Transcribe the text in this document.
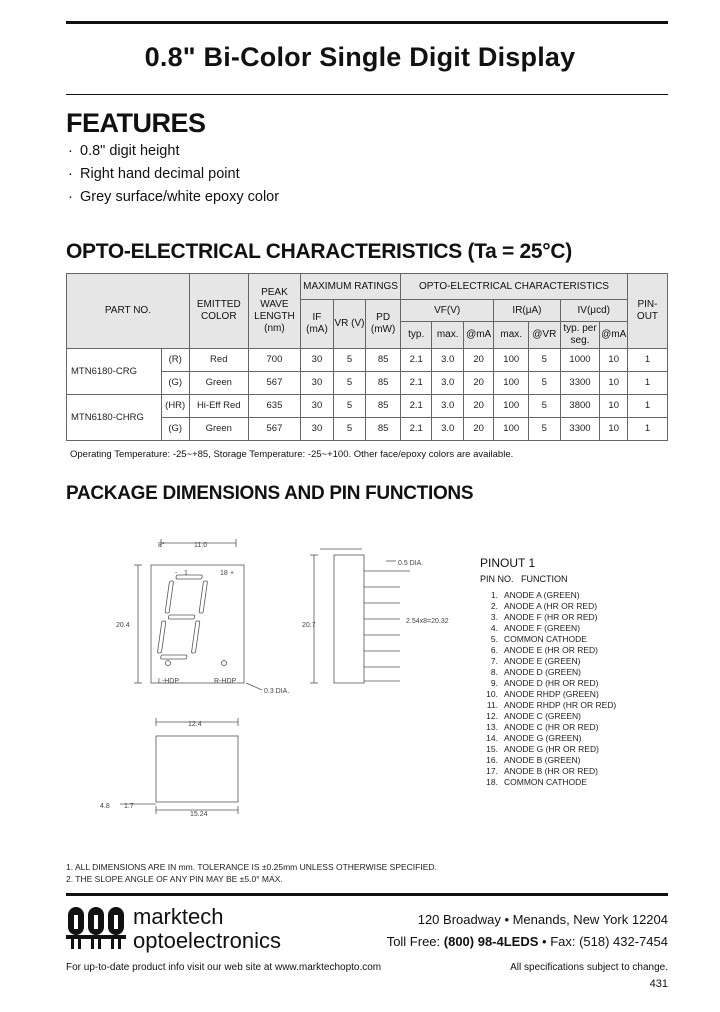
0.8" Bi-Color Single Digit Display
FEATURES
· 0.8" digit height
· Right hand decimal point
· Grey surface/white epoxy color
OPTO-ELECTRICAL CHARACTERISTICS (Ta = 25°C)
PART NO.		EMITTED COLOR	PEAK WAVE LENGTH (nm)	MAXIMUM RATINGS			OPTO-ELECTRICAL CHARACTERISTICS							PIN-OUT
				IF (mA)	VR (V)	PD (mW)	VF(V)			IR(μA)		IV(μcd)		
							typ.	max.	@mA	max.	@VR	typ. per seg.	@mA	
MTN6180-CRG	(R)	Red	700	30	5	85	2.1	3.0	20	100	5	1000	10	1
	(G)	Green	567	30	5	85	2.1	3.0	20	100	5	3300	10	1
MTN6180-CHRG	(HR)	Hi-Eff Red	635	30	5	85	2.1	3.0	20	100	5	3800	10	1
	(G)	Green	567	30	5	85	2.1	3.0	20	100	5	3300	10	1
Operating Temperature: -25~+85, Storage Temperature: -25~+100. Other face/epoxy colors are available.
PACKAGE DIMENSIONS AND PIN FUNCTIONS
8°	11.0
1	18
-	+
20.4
L-HDP	R-HDP
0.3 DIA.
0.5 DIA.
2.54x8=20.32
20.7
12.4
15.24
4.8 1.7
PINOUT 1
PIN NO. FUNCTION
1. ANODE A (GREEN)
2. ANODE A (HR OR RED)
3. ANODE F (HR OR RED)
4. ANODE F (GREEN)
5. COMMON CATHODE
6. ANODE E (HR OR RED)
7. ANODE E (GREEN)
8. ANODE D (GREEN)
9. ANODE D (HR OR RED)
10. ANODE RHDP (GREEN)
11. ANODE RHDP (HR OR RED)
12. ANODE C (GREEN)
13. ANODE C (HR OR RED)
14. ANODE G (GREEN)
15. ANODE G (HR OR RED)
16. ANODE B (GREEN)
17. ANODE B (HR OR RED)
18. COMMON CATHODE
1. ALL DIMENSIONS ARE IN mm. TOLERANCE IS ±0.25mm UNLESS OTHERWISE SPECIFIED.
2. THE SLOPE ANGLE OF ANY PIN MAY BE ±5.0° MAX.
marktech
optoelectronics
120 Broadway • Menands, New York 12204
Toll Free: (800) 98-4LEDS • Fax: (518) 432-7454
For up-to-date product info visit our web site at www.marktechopto.com	All specifications subject to change.
431
